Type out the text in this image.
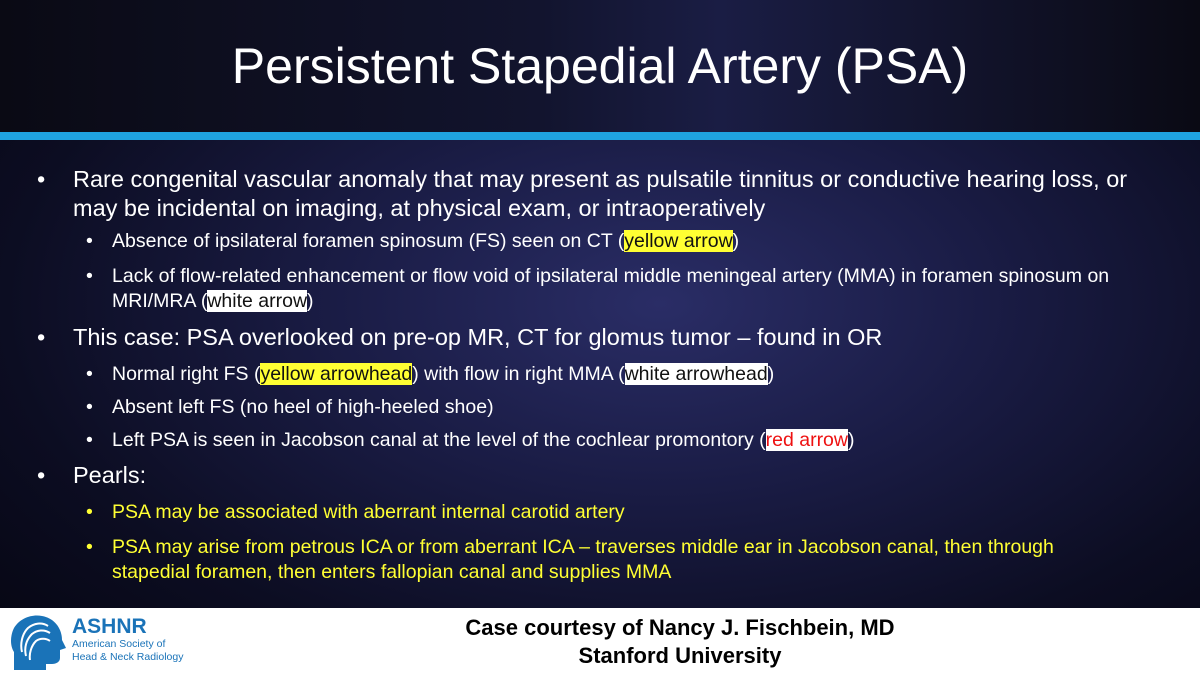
Persistent Stapedial Artery (PSA)

• Rare congenital vascular anomaly that may present as pulsatile tinnitus or conductive hearing loss, or may be incidental on imaging, at physical exam, or intraoperatively

• Absence of ipsilateral foramen spinosum (FS) seen on CT (yellow arrow)

• Lack of flow-related enhancement or flow void of ipsilateral middle meningeal artery (MMA) in foramen spinosum on MRI/MRA (white arrow)

• This case: PSA overlooked on pre-op MR, CT for glomus tumor – found in OR

• Normal right FS (yellow arrowhead) with flow in right MMA (white arrowhead)

• Absent left FS (no heel of high-heeled shoe)

• Left PSA is seen in Jacobson canal at the level of the cochlear promontory (red arrow)

• Pearls:

• PSA may be associated with aberrant internal carotid artery

• PSA may arise from petrous ICA or from aberrant ICA – traverses middle ear in Jacobson canal, then through stapedial foramen, then enters fallopian canal and supplies MMA

ASHNR
American Society of
Head & Neck Radiology
Case courtesy of Nancy J. Fischbein, MD
Stanford University
